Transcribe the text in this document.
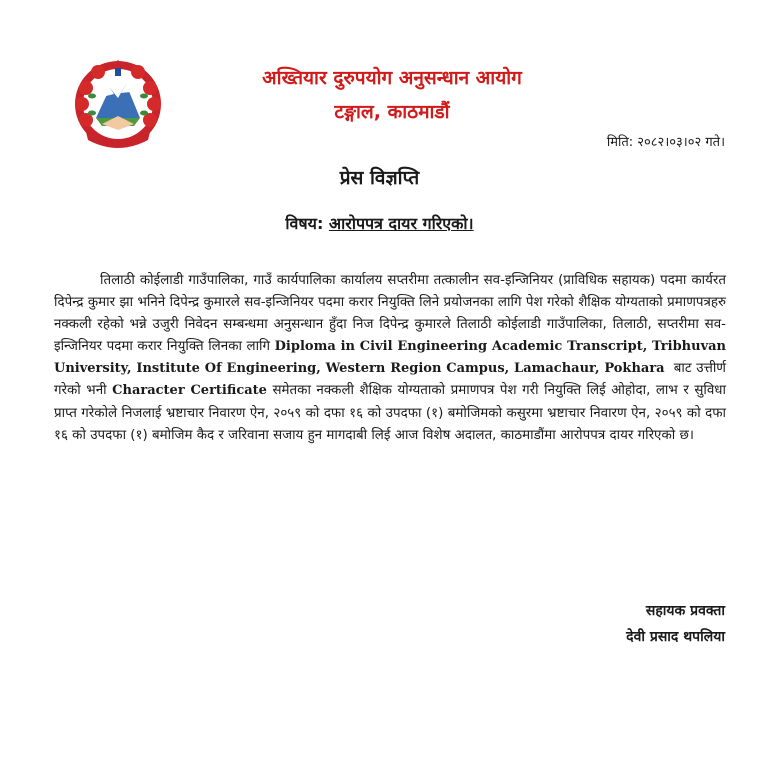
अख्तियार दुरुपयोग अनुसन्धान आयोग
टङ्गाल, काठमाडौं
मिति: २०८२।०३।०२ गते।
प्रेस विज्ञप्ति
विषय: आरोपपत्र दायर गरिएको।
तिलाठी कोईलाडी गाउँपालिका, गाउँ कार्यपालिका कार्यालय सप्तरीमा तत्कालीन सव-इन्जिनियर (प्राविधिक सहायक) पदमा कार्यरत दिपेन्द्र कुमार झा भनिने दिपेन्द्र कुमारले सव-इन्जिनियर पदमा करार नियुक्ति लिने प्रयोजनका लागि पेश गरेको शैक्षिक योग्यताको प्रमाणपत्रहरु नक्कली रहेको भन्ने उजुरी निवेदन सम्बन्धमा अनुसन्धान हुँदा निज दिपेन्द्र कुमारले तिलाठी कोईलाडी गाउँपालिका, तिलाठी, सप्तरीमा सव-इन्जिनियर पदमा करार नियुक्ति लिनका लागि Diploma in Civil Engineering Academic Transcript, Tribhuvan University, Institute Of Engineering, Western Region Campus, Lamachaur, Pokhara बाट उत्तीर्ण गरेको भनी Character Certificate समेतका नक्कली शैक्षिक योग्यताको प्रमाणपत्र पेश गरी नियुक्ति लिई ओहोदा, लाभ र सुविधा प्राप्त गरेकोले निजलाई भ्रष्टाचार निवारण ऐन, २०५९ को दफा १६ को उपदफा (१) बमोजिमको कसुरमा भ्रष्टाचार निवारण ऐन, २०५९ को दफा १६ को उपदफा (१) बमोजिम कैद र जरिवाना सजाय हुन मागदाबी लिई आज विशेष अदालत, काठमाडौंमा आरोपपत्र दायर गरिएको छ।
सहायक प्रवक्ता
देवी प्रसाद थपलिया
